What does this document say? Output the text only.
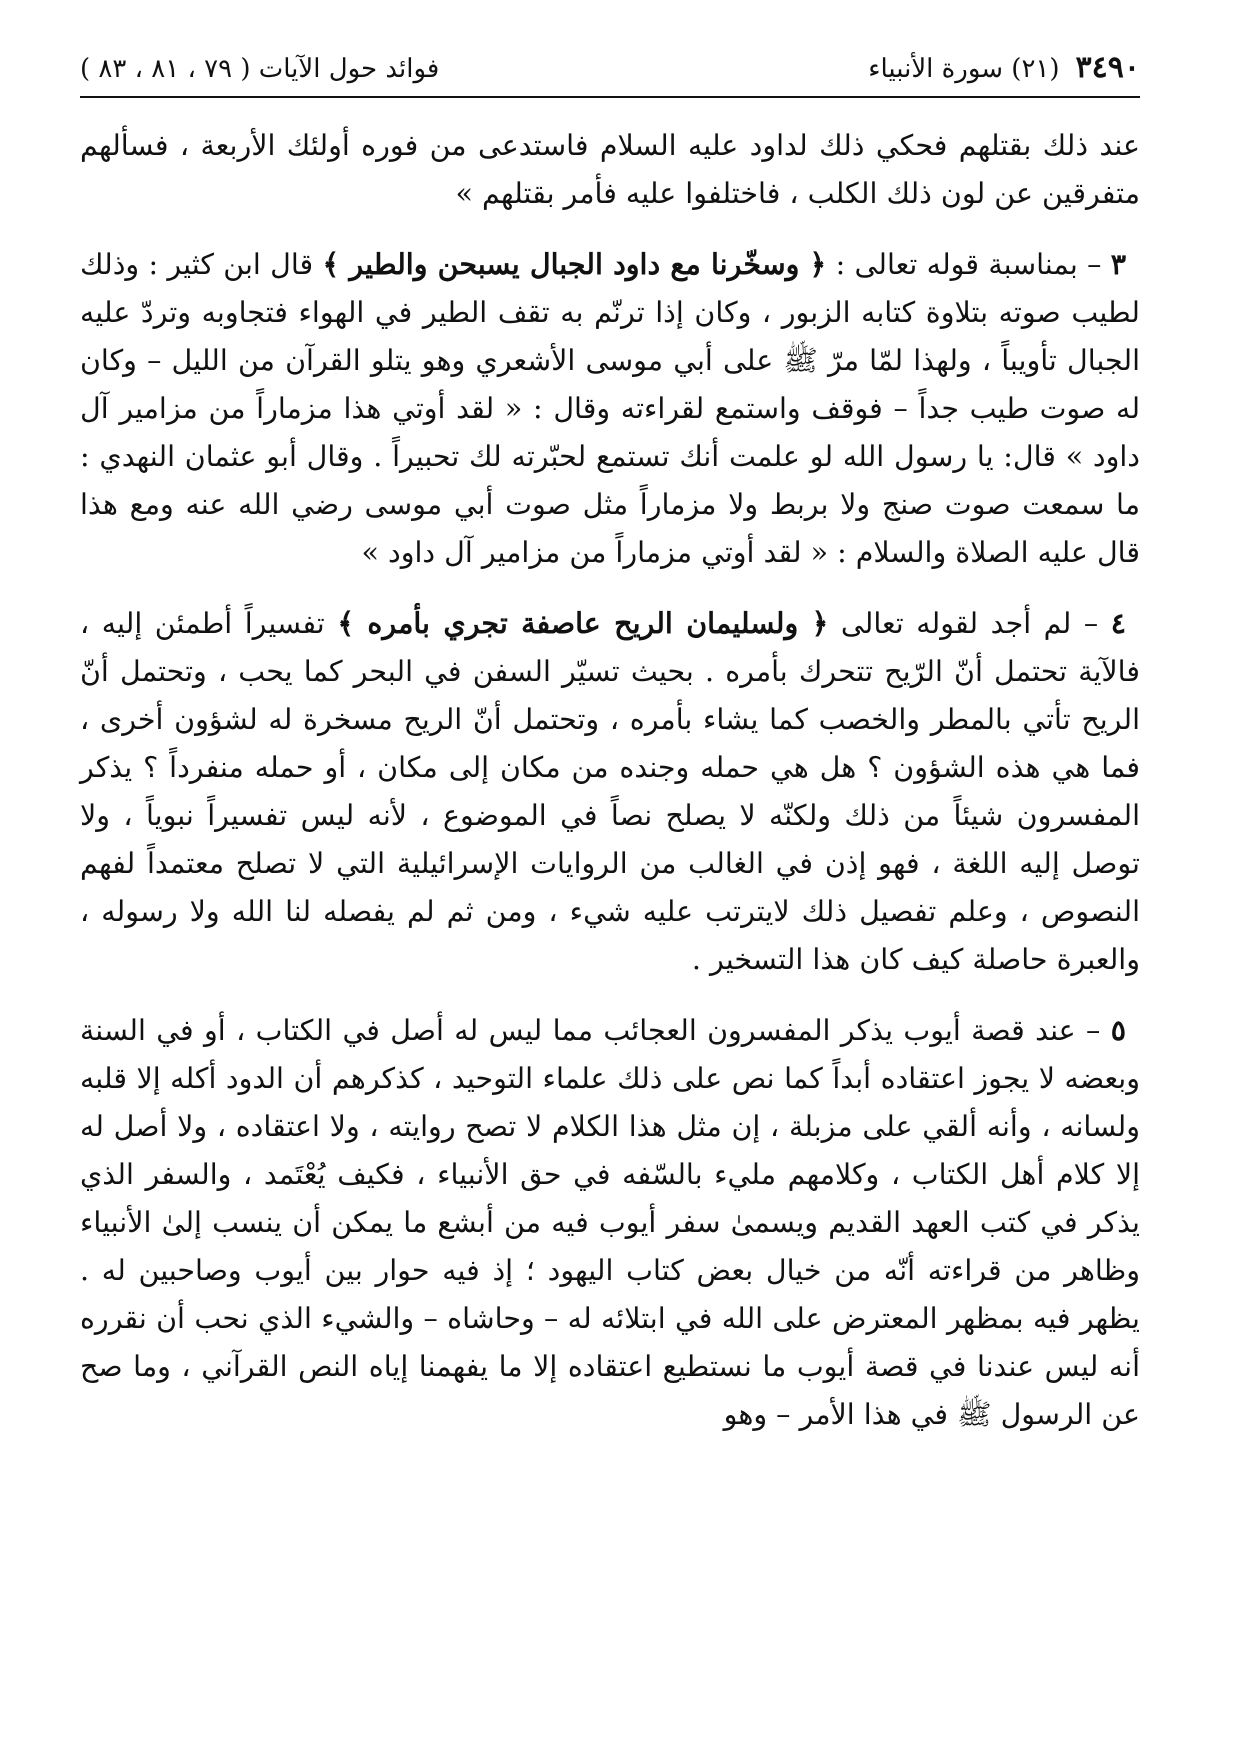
٣٤٩٠
(٢١) سورة الأنبياء
فوائد حول الآيات ( ٧٩ ، ٨١ ، ٨٣ )

عند ذلك بقتلهم فحكي ذلك لداود عليه السلام فاستدعى من فوره أولئك الأربعة ، فسألهم متفرقين عن لون ذلك الكلب ، فاختلفوا عليه فأمر بقتلهم »

٣ – بمناسبة قوله تعالى : ﴿ وسخّرنا مع داود الجبال يسبحن والطير ﴾ قال ابن كثير : وذلك لطيب صوته بتلاوة كتابه الزبور ، وكان إذا ترنّم به تقف الطير في الهواء فتجاوبه وتردّ عليه الجبال تأويباً ، ولهذا لمّا مرّ ﷺ على أبي موسى الأشعري وهو يتلو القرآن من الليل – وكان له صوت طيب جداً – فوقف واستمع لقراءته وقال : « لقد أوتي هذا مزماراً من مزامير آل داود » قال: يا رسول الله لو علمت أنك تستمع لحبّرته لك تحبيراً . وقال أبو عثمان النهدي : ما سمعت صوت صنج ولا بربط ولا مزماراً مثل صوت أبي موسى رضي الله عنه ومع هذا قال عليه الصلاة والسلام : « لقد أوتي مزماراً من مزامير آل داود »

٤ – لم أجد لقوله تعالى ﴿ ولسليمان الريح عاصفة تجري بأمره ﴾ تفسيراً أطمئن إليه ، فالآية تحتمل أنّ الرّيح تتحرك بأمره . بحيث تسيّر السفن في البحر كما يحب ، وتحتمل أنّ الريح تأتي بالمطر والخصب كما يشاء بأمره ، وتحتمل أنّ الريح مسخرة له لشؤون أخرى ، فما هي هذه الشؤون ؟ هل هي حمله وجنده من مكان إلى مكان ، أو حمله منفرداً ؟ يذكر المفسرون شيئاً من ذلك ولكنّه لا يصلح نصاً في الموضوع ، لأنه ليس تفسيراً نبوياً ، ولا توصل إليه اللغة ، فهو إذن في الغالب من الروايات الإسرائيلية التي لا تصلح معتمداً لفهم النصوص ، وعلم تفصيل ذلك لايترتب عليه شيء ، ومن ثم لم يفصله لنا الله ولا رسوله ، والعبرة حاصلة كيف كان هذا التسخير .

٥ – عند قصة أيوب يذكر المفسرون العجائب مما ليس له أصل في الكتاب ، أو في السنة وبعضه لا يجوز اعتقاده أبداً كما نص على ذلك علماء التوحيد ، كذكرهم أن الدود أكله إلا قلبه ولسانه ، وأنه ألقي على مزبلة ، إن مثل هذا الكلام لا تصح روايته ، ولا اعتقاده ، ولا أصل له إلا كلام أهل الكتاب ، وكلامهم مليء بالسّفه في حق الأنبياء ، فكيف يُعْتَمد ، والسفر الذي يذكر في كتب العهد القديم ويسمىٰ سفر أيوب فيه من أبشع ما يمكن أن ينسب إلىٰ الأنبياء وظاهر من قراءته أنّه من خيال بعض كتاب اليهود ؛ إذ فيه حوار بين أيوب وصاحبين له . يظهر فيه بمظهر المعترض على الله في ابتلائه له – وحاشاه – والشيء الذي نحب أن نقرره أنه ليس عندنا في قصة أيوب ما نستطيع اعتقاده إلا ما يفهمنا إياه النص القرآني ، وما صح عن الرسول ﷺ في هذا الأمر – وهو
